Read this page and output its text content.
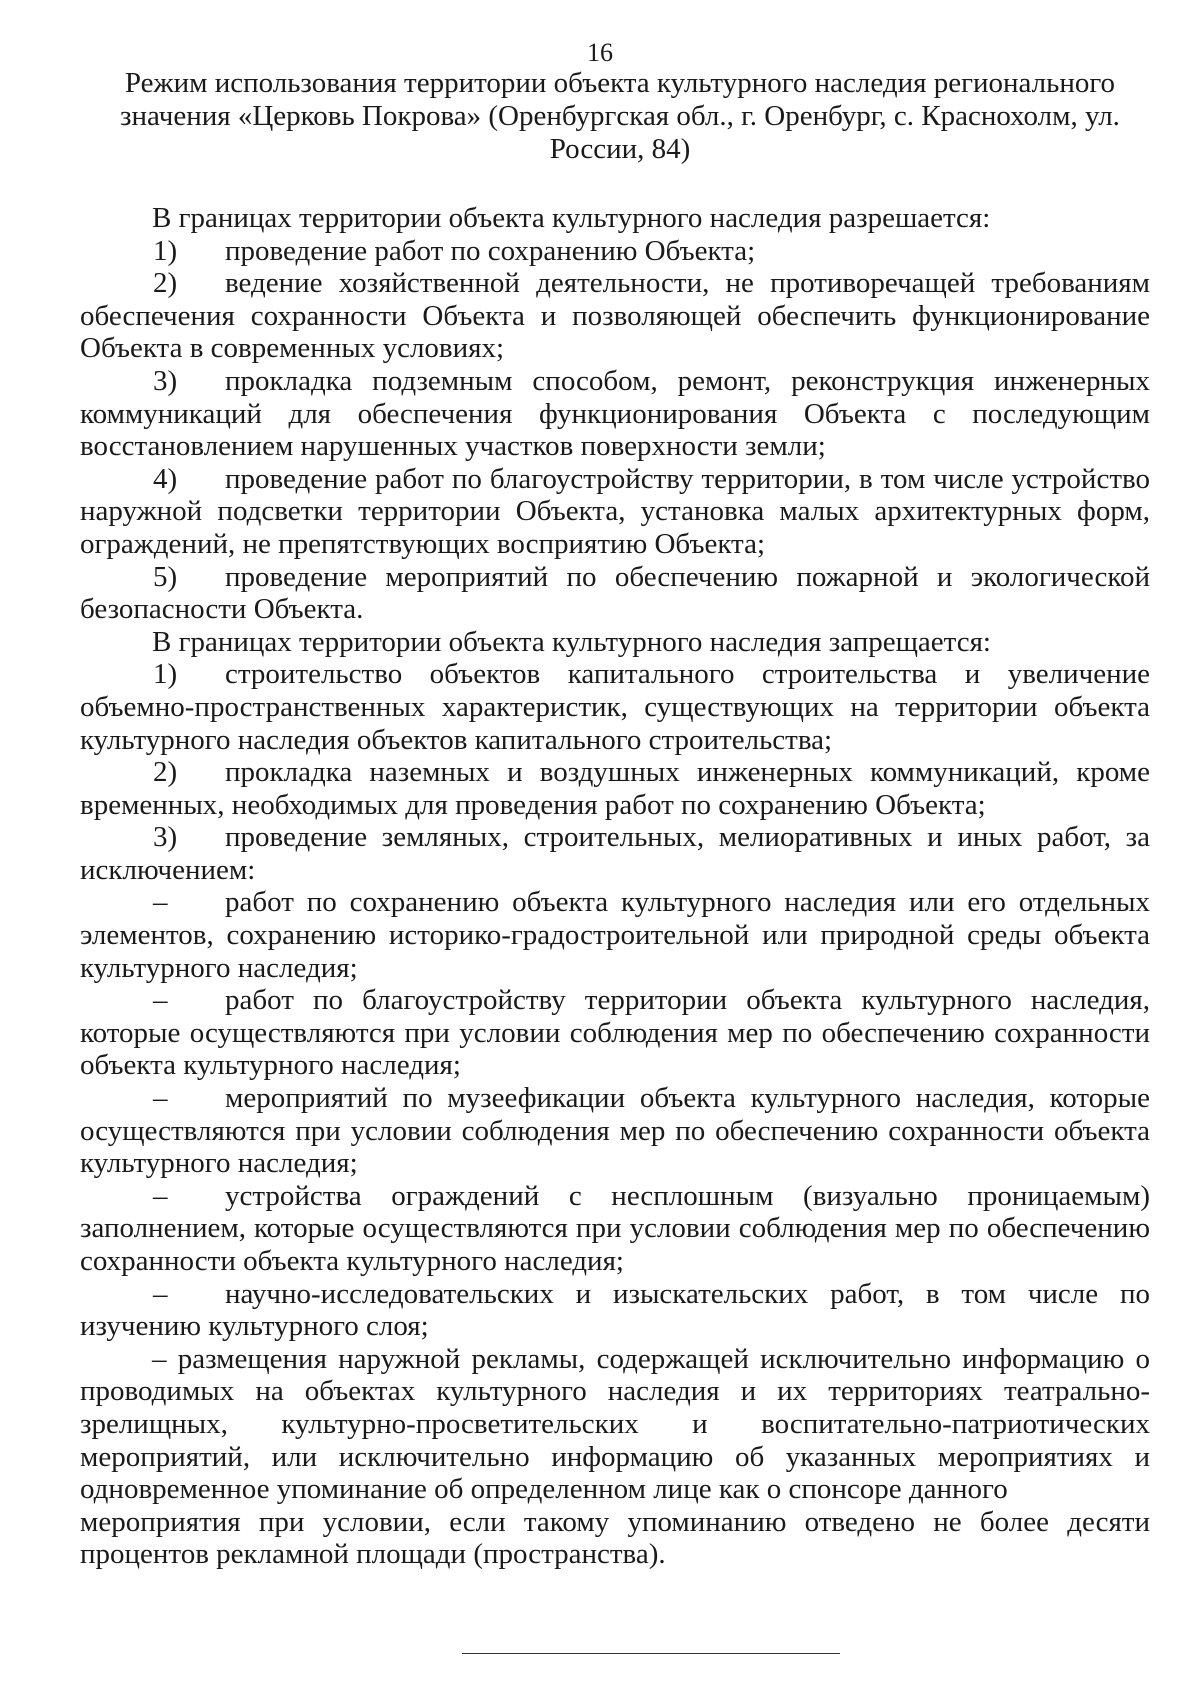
16
Режим использования территории объекта культурного наследия регионального значения «Церковь Покрова» (Оренбургская обл., г. Оренбург, с. Краснохолм, ул. России, 84)

В границах территории объекта культурного наследия разрешается:

1) проведение работ по сохранению Объекта;

2) ведение хозяйственной деятельности, не противоречащей требованиям обеспечения сохранности Объекта и позволяющей обеспечить функционирование Объекта в современных условиях;

3) прокладка подземным способом, ремонт, реконструкция инженерных коммуникаций для обеспечения функционирования Объекта с последующим восстановлением нарушенных участков поверхности земли;

4) проведение работ по благоустройству территории, в том числе устройство наружной подсветки территории Объекта, установка малых архитектурных форм, ограждений, не препятствующих восприятию Объекта;

5) проведение мероприятий по обеспечению пожарной и экологической безопасности Объекта.

В границах территории объекта культурного наследия запрещается:

1) строительство объектов капитального строительства и увеличение объемно-пространственных характеристик, существующих на территории объекта культурного наследия объектов капитального строительства;

2) прокладка наземных и воздушных инженерных коммуникаций, кроме временных, необходимых для проведения работ по сохранению Объекта;

3) проведение земляных, строительных, мелиоративных и иных работ, за исключением:

– работ по сохранению объекта культурного наследия или его отдельных элементов, сохранению историко-градостроительной или природной среды объекта культурного наследия;

– работ по благоустройству территории объекта культурного наследия, которые осуществляются при условии соблюдения мер по обеспечению сохранности объекта культурного наследия;

– мероприятий по музеефикации объекта культурного наследия, которые осуществляются при условии соблюдения мер по обеспечению сохранности объекта культурного наследия;

– устройства ограждений с несплошным (визуально проницаемым) заполнением, которые осуществляются при условии соблюдения мер по обеспечению сохранности объекта культурного наследия;

– научно-исследовательских и изыскательских работ, в том числе по изучению культурного слоя;

– размещения наружной рекламы, содержащей исключительно информацию о проводимых на объектах культурного наследия и их территориях театрально-зрелищных, культурно-просветительских и воспитательно-патриотических мероприятий, или исключительно информацию об указанных мероприятиях и одновременное упоминание об определенном лице как о спонсоре данного

мероприятия при условии, если такому упоминанию отведено не более десяти процентов рекламной площади (пространства).
